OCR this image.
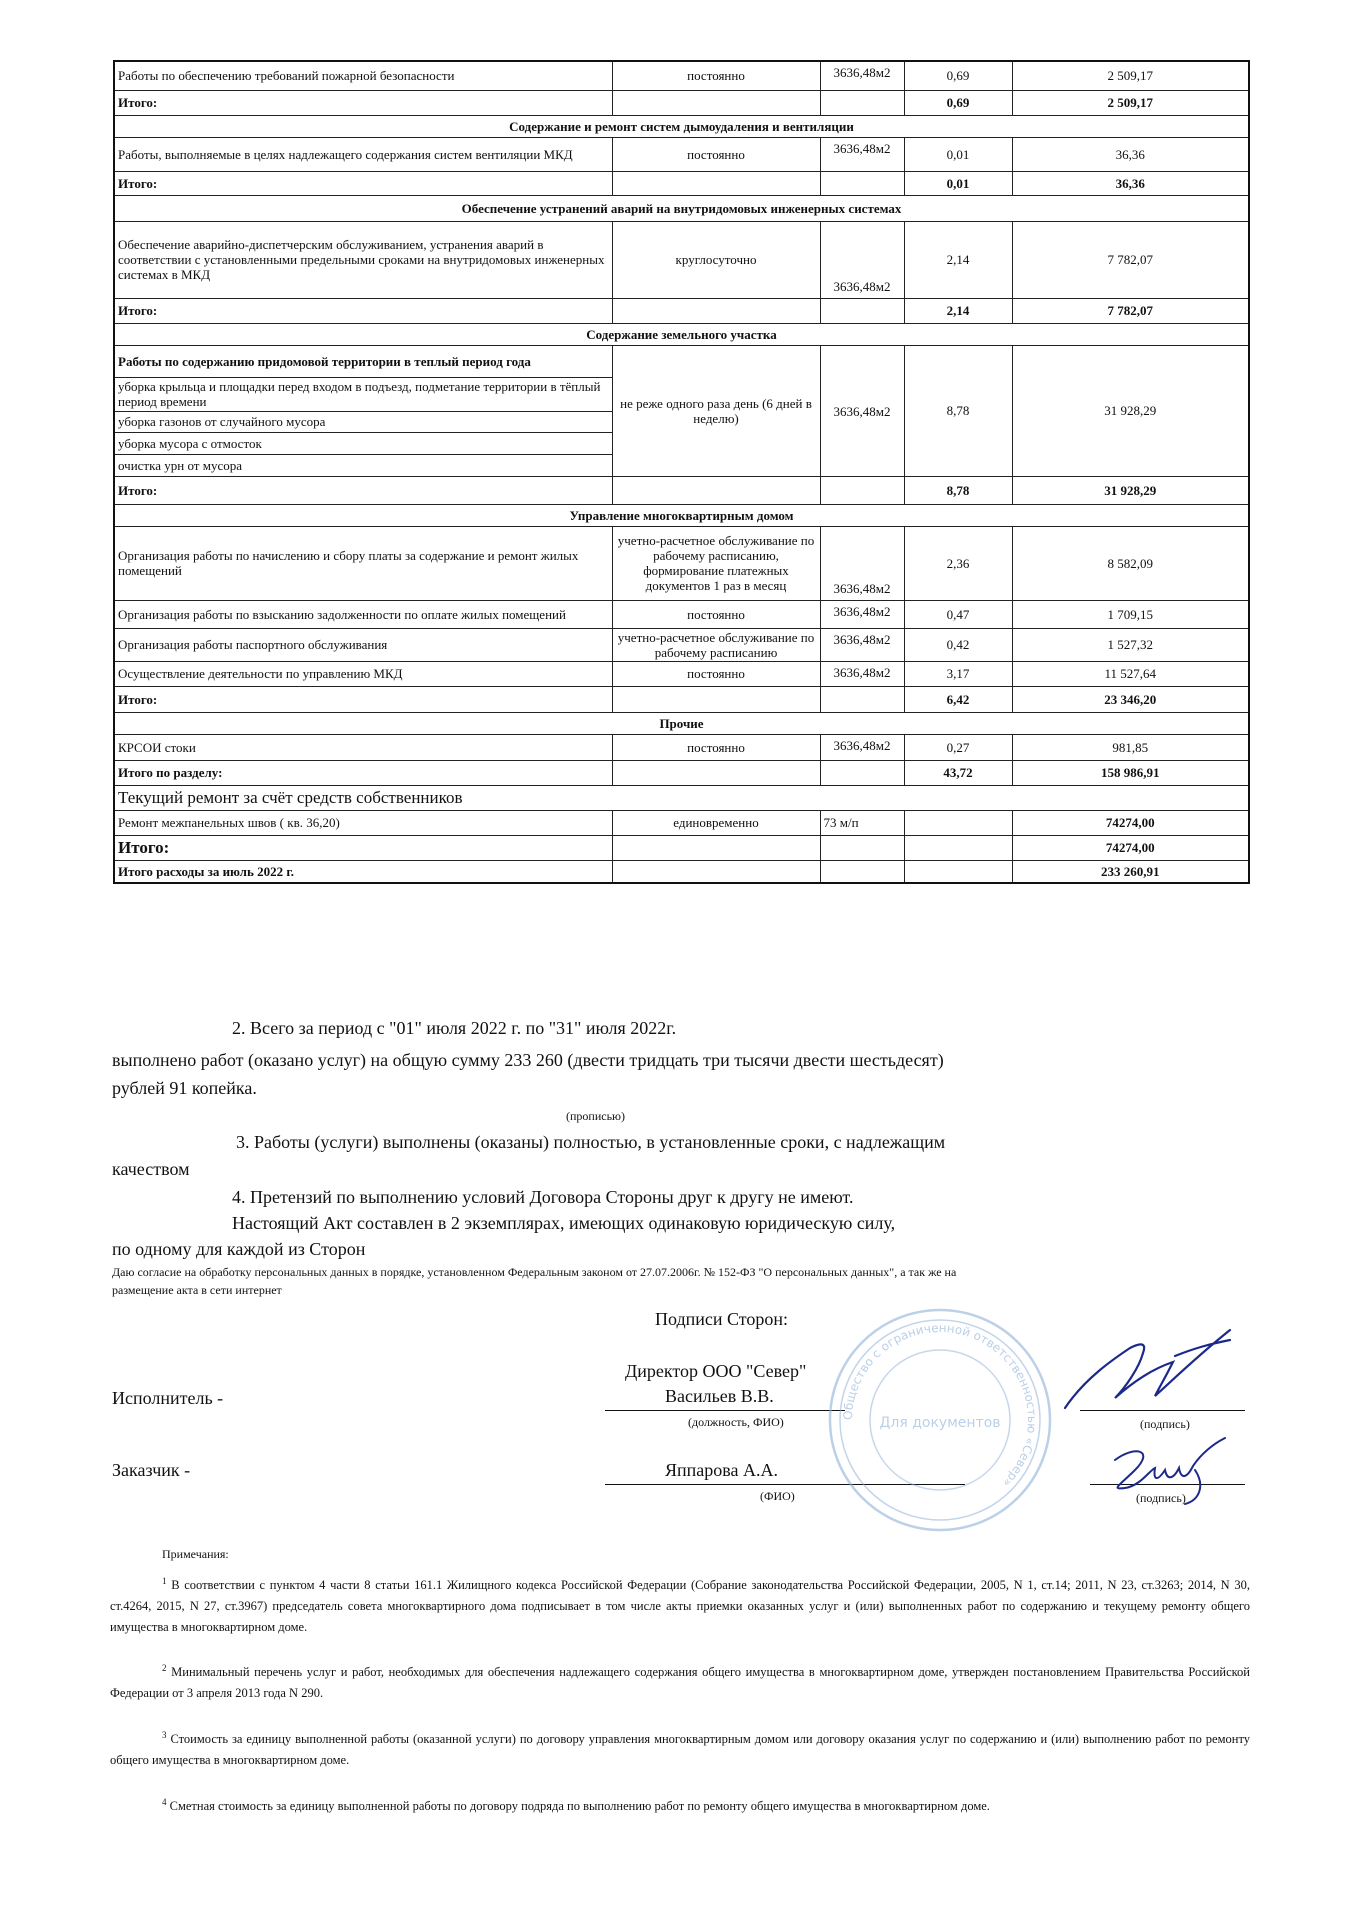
Работы по обеспечению требований пожарной безопасности	постоянно	3636,48м2	0,69	2 509,17
Итого:			0,69	2 509,17
Содержание и ремонт систем дымоудаления и вентиляции				
Работы, выполняемые в целях надлежащего содержания систем вентиляции МКД	постоянно	3636,48м2	0,01	36,36
Итого:			0,01	36,36
Обеспечение устранений аварий на внутридомовых инженерных системах				
Обеспечение аварийно-диспетчерским обслуживанием, устранения аварий в соответствии с установленными предельными сроками на внутридомовых инженерных системах в МКД	круглосуточно	3636,48м2	2,14	7 782,07
Итого:			2,14	7 782,07
Содержание земельного участка				
Работы по содержанию придомовой территории в теплый период года	не реже одного раза день (6 дней в неделю)	3636,48м2	8,78	31 928,29
уборка крыльца и площадки перед входом в подъезд, подметание территории в тёплый период времени				
уборка газонов от случайного мусора				
уборка мусора с отмосток				
очистка урн от мусора				
Итого:			8,78	31 928,29
Управление многоквартирным домом				
Организация работы по начислению и сбору платы за содержание и ремонт жилых помещений	учетно-расчетное обслуживание по рабочему расписанию, формирование платежных документов 1 раз в месяц	3636,48м2	2,36	8 582,09
Организация работы по взысканию задолженности по оплате жилых помещений	постоянно	3636,48м2	0,47	1 709,15
Организация работы паспортного обслуживания	учетно-расчетное обслуживание по рабочему расписанию	3636,48м2	0,42	1 527,32
Осуществление деятельности по управлению МКД	постоянно	3636,48м2	3,17	11 527,64
Итого:			6,42	23 346,20
Прочие				
КРСОИ стоки	постоянно	3636,48м2	0,27	981,85
Итого по разделу:			43,72	158 986,91
Текущий ремонт за счёт средств собственников				
Ремонт межпанельных швов ( кв. 36,20)	единовременно	73 м/п		74274,00
Итого:				74274,00
Итого расходы за июль 2022 г.				233 260,91
2. Всего за период с "01" июля 2022 г. по "31" июля 2022г.
выполнено работ (оказано услуг) на общую сумму 233 260 (двести тридцать три тысячи двести шестьдесят)
рублей 91 копейка.
(прописью)
3. Работы (услуги) выполнены (оказаны) полностью, в установленные сроки, с надлежащим
качеством
4. Претензий по выполнению условий Договора Стороны друг к другу не имеют.
Настоящий Акт составлен в 2 экземплярах, имеющих одинаковую юридическую силу,
по одному для каждой из Сторон
Даю согласие на обработку персональных данных в порядке, установленном Федеральным законом от 27.07.2006г. № 152-ФЗ "О персональных данных", а так же на
размещение акта в сети интернет
Подписи Сторон:
Директор ООО "Север"
Исполнитель -	Васильев В.В.
(должность, ФИО)	(подпись)
Заказчик -	Яппарова А.А.
(ФИО)	(подпись)
Общество с ограниченной ответственностью «Север»
Для документов
Примечания:
$^1$ В соответствии с пунктом 4 части 8 статьи 161.1 Жилищного кодекса Российской Федерации (Собрание законодательства Российской Федерации, 2005, N 1, ст.14; 2011, N 23, ст.3263; 2014, N 30, ст.4264, 2015, N 27, ст.3967) председатель совета многоквартирного дома подписывает в том числе акты приемки оказанных услуг и (или) выполненных работ по содержанию и текущему ремонту общего имущества в многоквартирном доме.
$^2$ Минимальный перечень услуг и работ, необходимых для обеспечения надлежащего содержания общего имущества в многоквартирном доме, утвержден постановлением Правительства Российской Федерации от 3 апреля 2013 года N 290.
$^3$ Стоимость за единицу выполненной работы (оказанной услуги) по договору управления многоквартирным домом или договору оказания услуг по содержанию и (или) выполнению работ по ремонту общего имущества в многоквартирном доме.
$^4$ Сметная стоимость за единицу выполненной работы по договору подряда по выполнению работ по ремонту общего имущества в многоквартирном доме.
